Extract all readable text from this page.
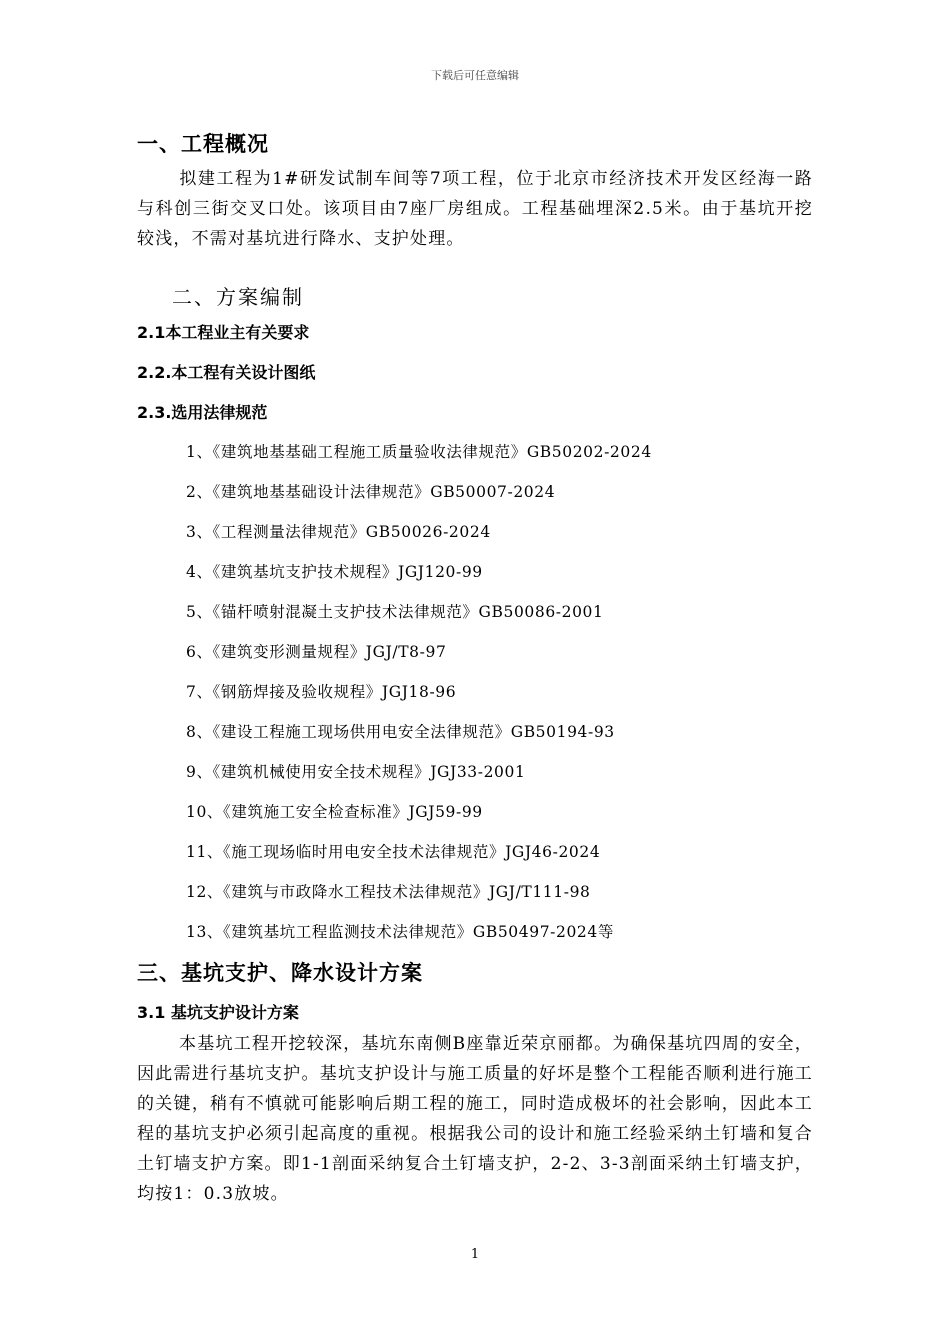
下载后可任意编辑
一、工程概况

拟建工程为1#研发试制车间等7项工程，位于北京市经济技术开发区经海一路与科创三街交叉口处。该项目由7座厂房组成。工程基础埋深2.5米。由于基坑开挖较浅，不需对基坑进行降水、支护处理。

二、方案编制
2.1本工程业主有关要求
2.2.本工程有关设计图纸
2.3.选用法律规范
1、《建筑地基基础工程施工质量验收法律规范》GB50202-2024
2、《建筑地基基础设计法律规范》GB50007-2024
3、《工程测量法律规范》GB50026-2024
4、《建筑基坑支护技术规程》JGJ120-99
5、《锚杆喷射混凝土支护技术法律规范》GB50086-2001
6、《建筑变形测量规程》JGJ/T8-97
7、《钢筋焊接及验收规程》JGJ18-96
8、《建设工程施工现场供用电安全法律规范》GB50194-93
9、《建筑机械使用安全技术规程》JGJ33-2001
10、《建筑施工安全检查标准》JGJ59-99
11、《施工现场临时用电安全技术法律规范》JGJ46-2024
12、《建筑与市政降水工程技术法律规范》JGJ/T111-98
13、《建筑基坑工程监测技术法律规范》GB50497-2024等
三、基坑支护、降水设计方案
3.1 基坑支护设计方案

本基坑工程开挖较深，基坑东南侧B座靠近荣京丽都。为确保基坑四周的安全，因此需进行基坑支护。基坑支护设计与施工质量的好坏是整个工程能否顺利进行施工的关键，稍有不慎就可能影响后期工程的施工，同时造成极坏的社会影响，因此本工程的基坑支护必须引起高度的重视。根据我公司的设计和施工经验采纳土钉墙和复合土钉墙支护方案。即1-1剖面采纳复合土钉墙支护，2-2、3-3剖面采纳土钉墙支护，均按1：0.3放坡。

1
